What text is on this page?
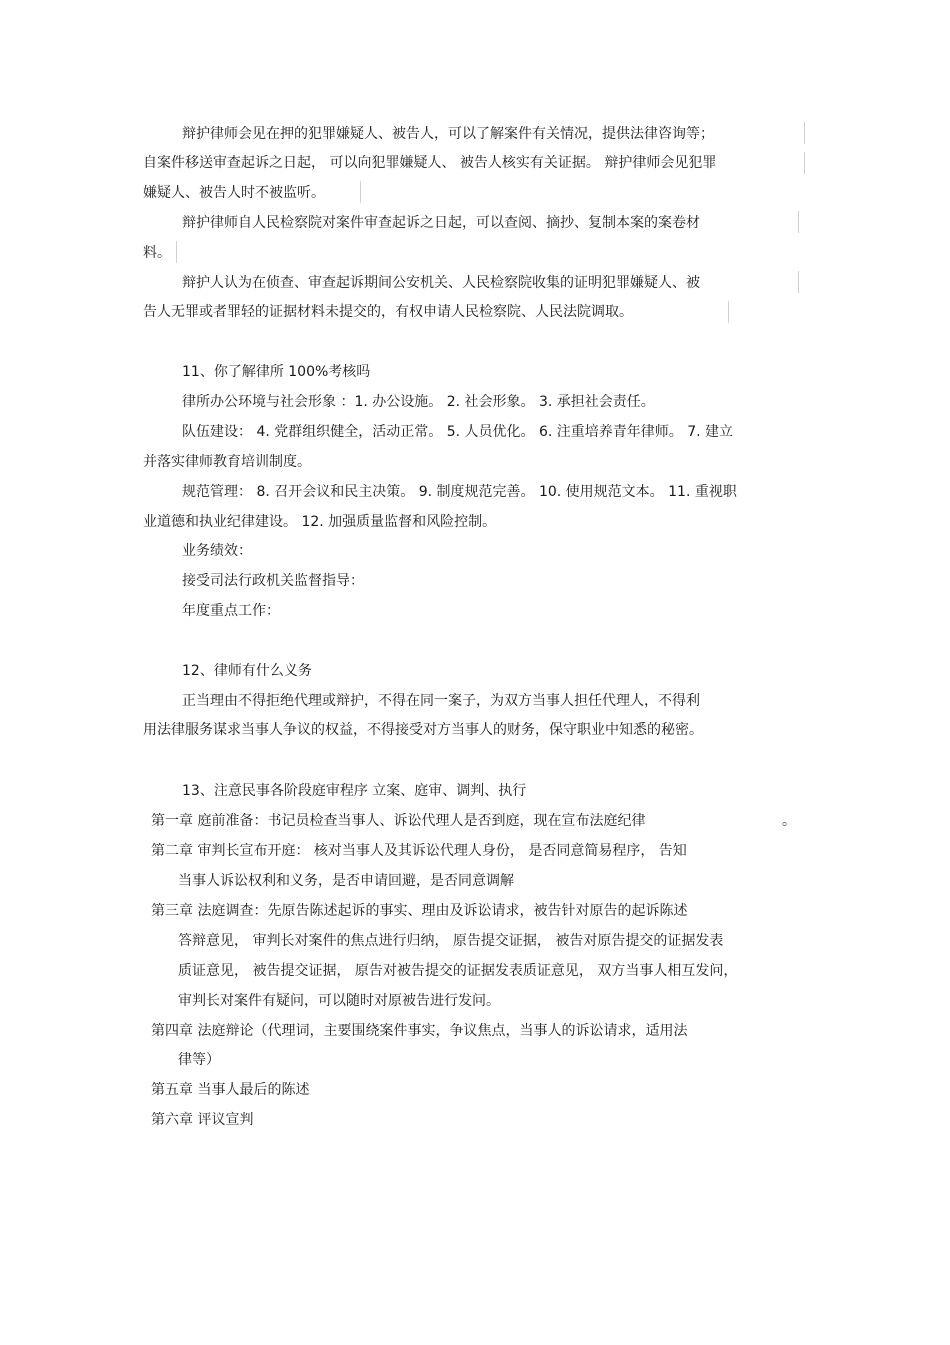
辩护律师会见在押的犯罪嫌疑人、被告人，可以了解案件有关情况，提供法律咨询等；
自案件移送审查起诉之日起， 可以向犯罪嫌疑人、 被告人核实有关证据。 辩护律师会见犯罪
嫌疑人、被告人时不被监听。
辩护律师自人民检察院对案件审查起诉之日起，可以查阅、摘抄、复制本案的案卷材
料。
辩护人认为在侦查、审查起诉期间公安机关、人民检察院收集的证明犯罪嫌疑人、被
告人无罪或者罪轻的证据材料未提交的，有权申请人民检察院、人民法院调取。
11、你了解律所 100%考核吗
律所办公环境与社会形象 ：1. 办公设施。 2. 社会形象。 3. 承担社会责任。
队伍建设： 4. 党群组织健全，活动正常。 5. 人员优化。 6. 注重培养青年律师。 7. 建立
并落实律师教育培训制度。
规范管理： 8. 召开会议和民主决策。 9. 制度规范完善。 10. 使用规范文本。 11. 重视职
业道德和执业纪律建设。 12. 加强质量监督和风险控制。
业务绩效：
接受司法行政机关监督指导：
年度重点工作：
12、律师有什么义务
正当理由不得拒绝代理或辩护，不得在同一案子，为双方当事人担任代理人，不得利
用法律服务谋求当事人争议的权益，不得接受对方当事人的财务，保守职业中知悉的秘密。
13、注意民事各阶段庭审程序 立案、庭审、调判、执行
第一章 庭前准备：书记员检查当事人、诉讼代理人是否到庭，现在宣布法庭纪律	。
第二章 审判长宣布开庭： 核对当事人及其诉讼代理人身份， 是否同意简易程序， 告知
当事人诉讼权利和义务，是否申请回避，是否同意调解
第三章 法庭调查：先原告陈述起诉的事实、理由及诉讼请求，被告针对原告的起诉陈述
答辩意见， 审判长对案件的焦点进行归纳， 原告提交证据， 被告对原告提交的证据发表
质证意见， 被告提交证据， 原告对被告提交的证据发表质证意见， 双方当事人相互发问，
审判长对案件有疑问，可以随时对原被告进行发问。
第四章 法庭辩论（代理词，主要围绕案件事实，争议焦点，当事人的诉讼请求，适用法
律等）
第五章 当事人最后的陈述
第六章 评议宣判
